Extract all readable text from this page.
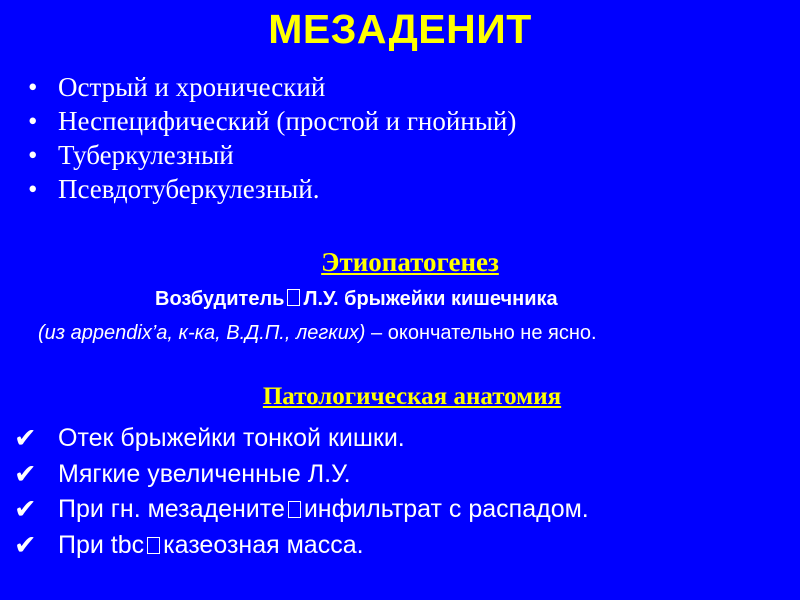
МЕЗАДЕНИТ
• Острый и хронический
• Неспецифический (простой и гнойный)
• Туберкулезный
• Псевдотуберкулезный.
Этиопатогенез
Возбудитель Л.У. брыжейки кишечника
(из appendix’а, к-ка, В.Д.П., легких) – окончательно не ясно.
Патологическая анатомия
✔ Отек брыжейки тонкой кишки.
✔ Мягкие увеличенные Л.У.
✔ При гн. мезадените инфильтрат с распадом.
✔ При tbc казеозная масса.
